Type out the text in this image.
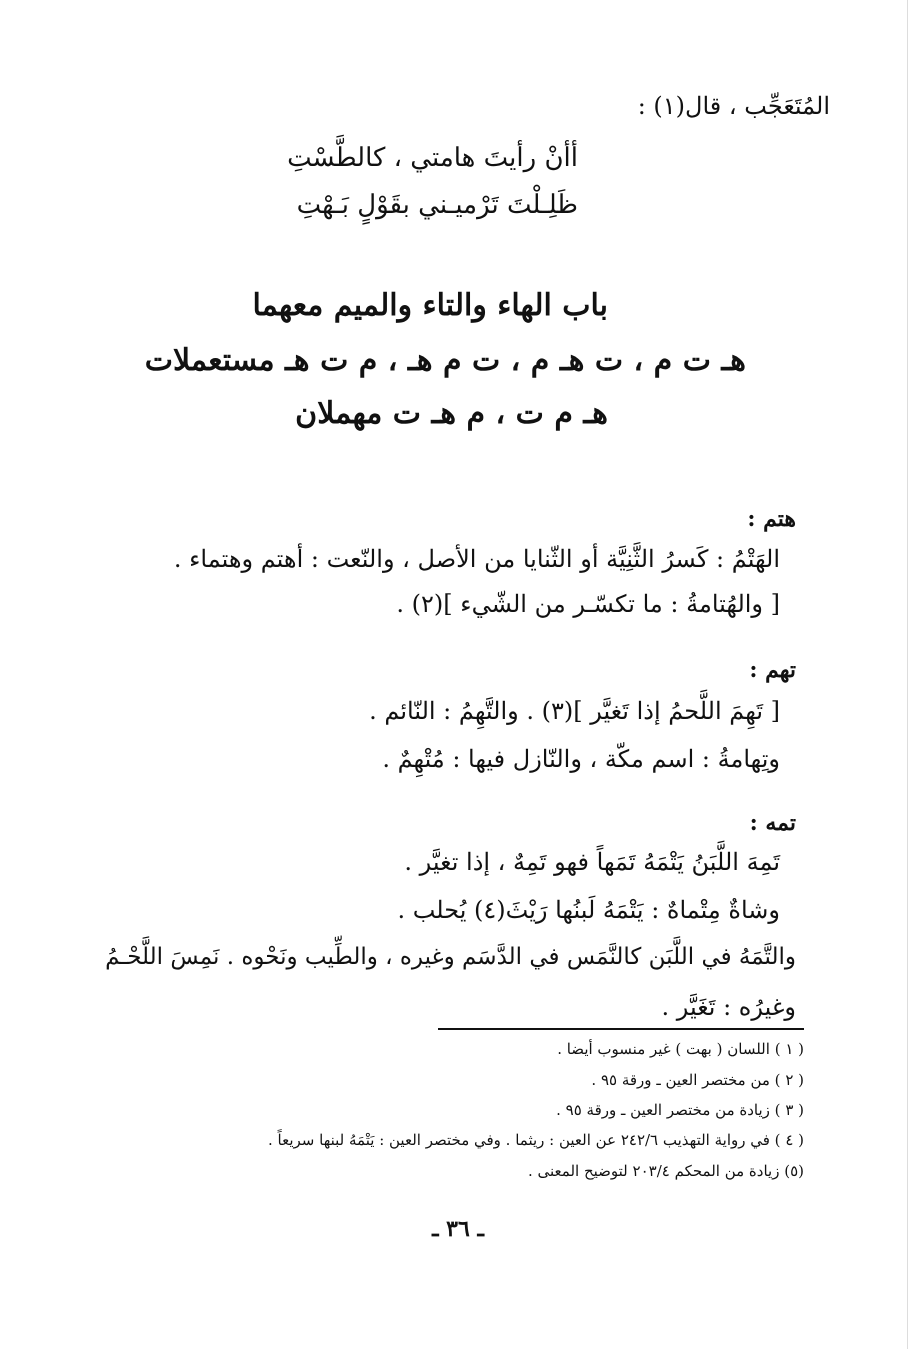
المُتَعَجِّب ، قال(١) :
أأنْ رأيتَ هامتي ، كالطَّسْتِ
ظَلِـلْتَ تَرْميـني بقَوْلٍ بَـهْتِ
باب الهاء والتاء والميم معهما
هـ ت م ، ت هـ م ، ت م هـ ، م ت هـ مستعملات
هـ م ت ، م هـ ت مهملان
هتم :
الهَتْمُ : كَسرُ الثَّنِيَّة أو الثّنايا من الأصل ، والنّعت : أهتم وهتماء .
[ والهُتامةُ : ما تكسّـر من الشّيء ](٢) .
تهم :
[ تَهِمَ اللَّحمُ إذا تَغيَّر ](٣) . والتَّهِمُ : النّائم .
وتِهامةُ : اسم مكّة ، والنّازل فيها : مُتْهِمٌ .
تمه :
تَمِهَ اللَّبَنُ يَتْمَهُ تَمَهاً فهو تَمِهٌ ، إذا تغيَّر .
وشاةٌ مِتْماهٌ : يَتْمَهُ لَبنُها رَيْثَ(٤) يُحلب .
والتَّمَهُ في اللَّبَن كالنَّمَس في الدَّسَم وغيره ، والطِّيب ونَحْوه . نَمِسَ اللَّحْـمُ
وغيرُه : تَغَيَّر .
( ١ ) اللسان ( بهت ) غير منسوب أيضا .
( ٢ ) من مختصر العين ـ ورقة ٩٥ .
( ٣ ) زيادة من مختصر العين ـ ورقة ٩٥ .
( ٤ ) في رواية التهذيب ٢٤٢/٦ عن العين : ريثما . وفي مختصر العين : يَتْمَهُ لبنها سريعاً .
(٥) زيادة من المحكم ٢٠٣/٤ لتوضيح المعنى .
ـ ٣٦ ـ
